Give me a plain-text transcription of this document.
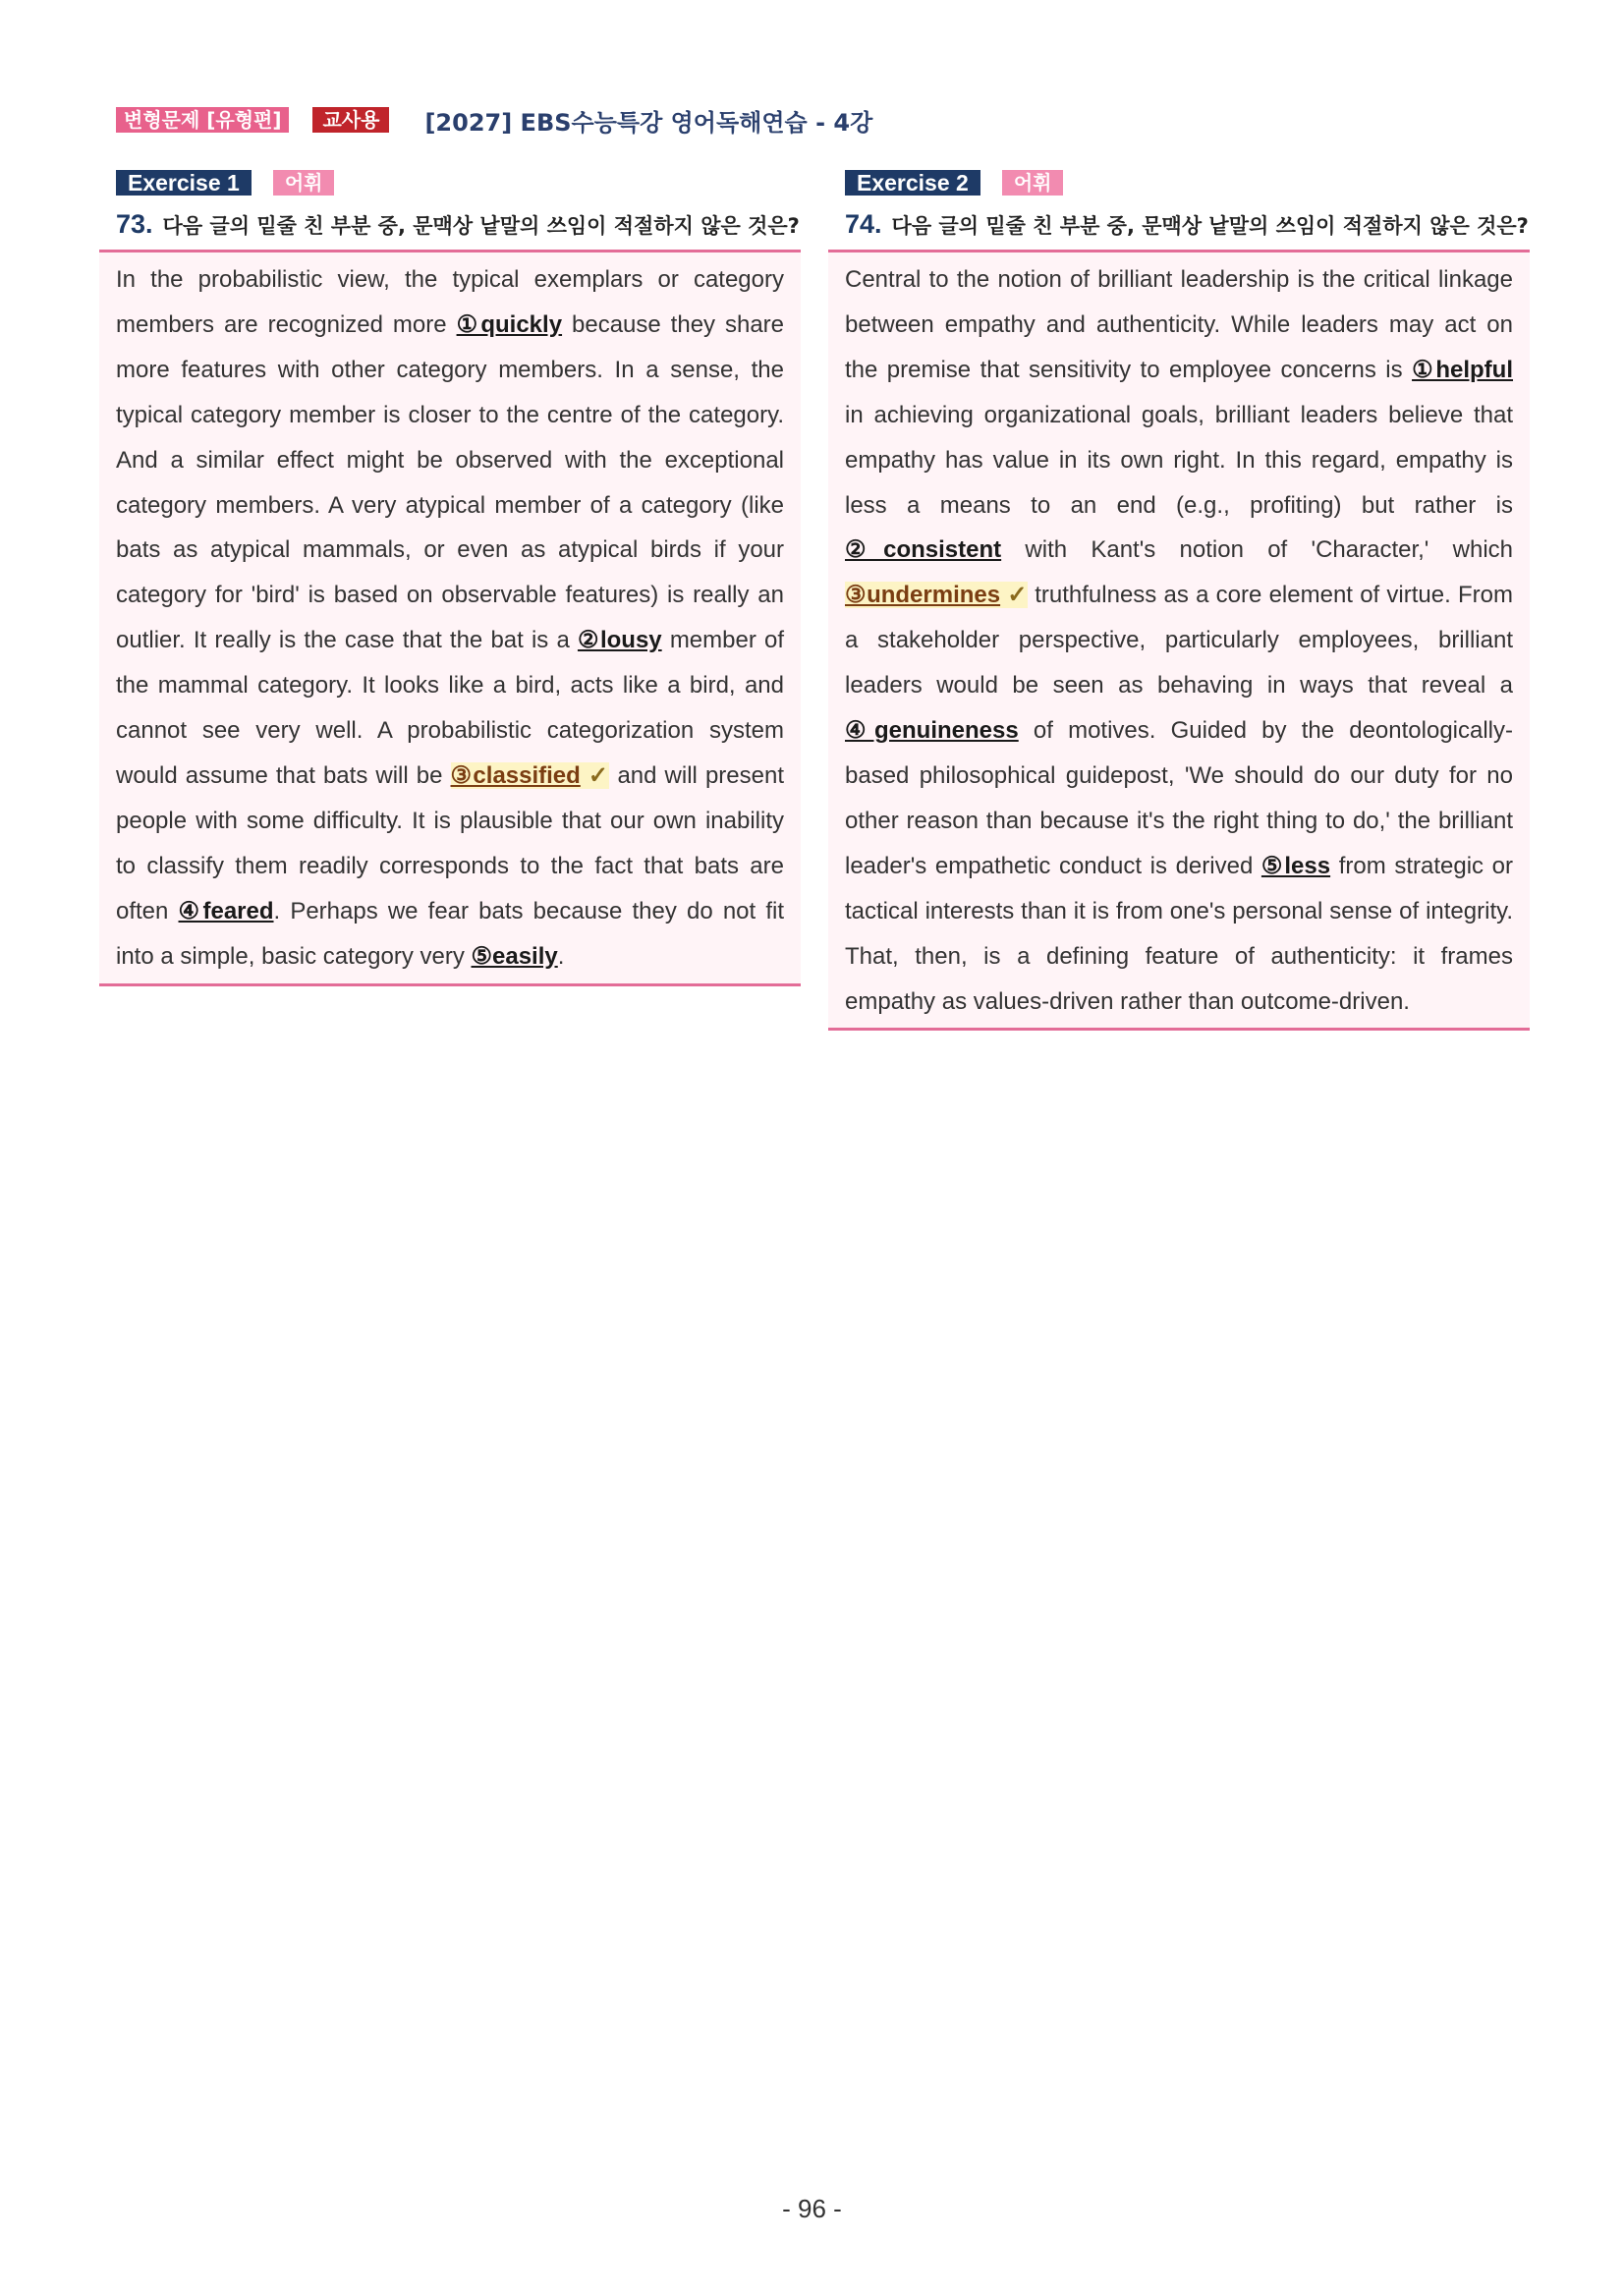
변형문제 [유형편]	교사용	[2027] EBS수능특강 영어독해연습 - 4강
Exercise 1	어휘
73. 다음 글의 밑줄 친 부분 중, 문맥상 낱말의 쓰임이 적절하지 않은 것은?
In the probabilistic view, the typical exemplars or category members are recognized more ①quickly because they share more features with other category members. In a sense, the typical category member is closer to the centre of the category. And a similar effect might be observed with the exceptional category members. A very atypical member of a category (like bats as atypical mammals, or even as atypical birds if your category for 'bird' is based on observable features) is really an outlier. It really is the case that the bat is a ②lousy member of the mammal category. It looks like a bird, acts like a bird, and cannot see very well. A probabilistic categorization system would assume that bats will be ③classified ✓ and will present people with some difficulty. It is plausible that our own inability to classify them readily corresponds to the fact that bats are often ④feared. Perhaps we fear bats because they do not fit into a simple, basic category very ⑤easily.
Exercise 2	어휘
74. 다음 글의 밑줄 친 부분 중, 문맥상 낱말의 쓰임이 적절하지 않은 것은?
Central to the notion of brilliant leadership is the critical linkage between empathy and authenticity. While leaders may act on the premise that sensitivity to employee concerns is ①helpful in achieving organizational goals, brilliant leaders believe that empathy has value in its own right. In this regard, empathy is less a means to an end (e.g., profiting) but rather is ②consistent with Kant's notion of 'Character,' which ③undermines ✓ truthfulness as a core element of virtue. From a stakeholder perspective, particularly employees, brilliant leaders would be seen as behaving in ways that reveal a ④genuineness of motives. Guided by the deontologically-based philosophical guidepost, 'We should do our duty for no other reason than because it's the right thing to do,' the brilliant leader's empathetic conduct is derived ⑤less from strategic or tactical interests than it is from one's personal sense of integrity. That, then, is a defining feature of authenticity: it frames empathy as values-driven rather than outcome-driven.
- 96 -
